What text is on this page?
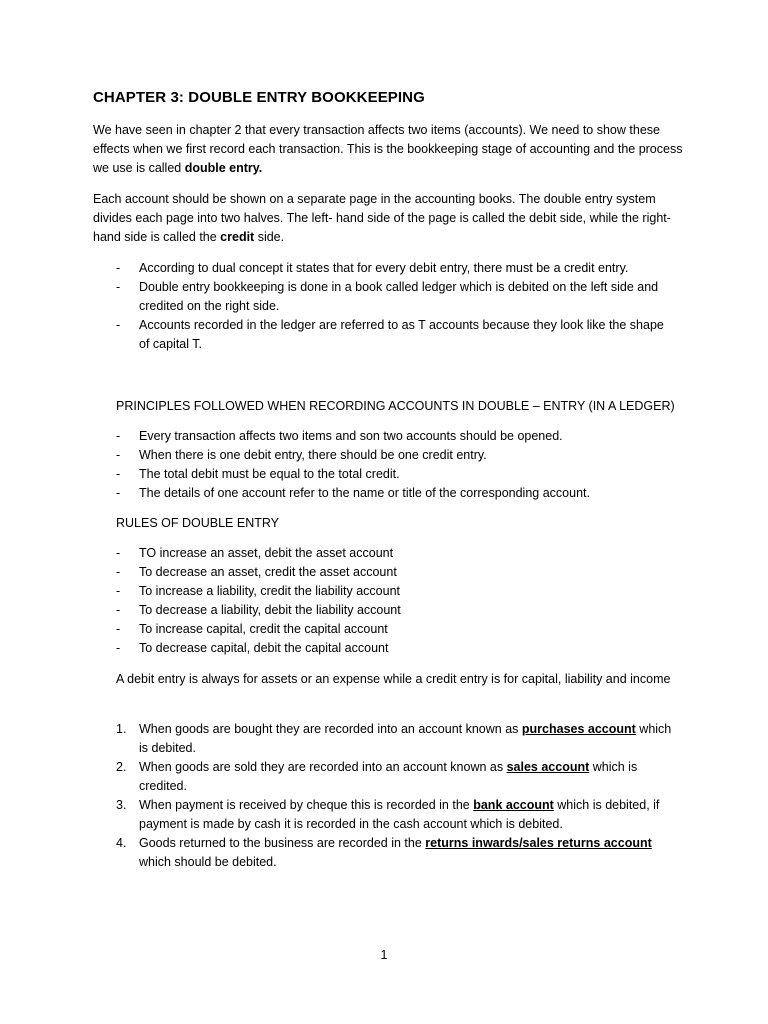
CHAPTER 3: DOUBLE ENTRY BOOKKEEPING
We have seen in chapter 2 that every transaction affects two items (accounts). We need to show these effects when we first record each transaction. This is the bookkeeping stage of accounting and the process we use is called double entry.
Each account should be shown on a separate page in the accounting books. The double entry system divides each page into two halves. The left- hand side of the page is called the debit side, while the right-hand side is called the credit side.
- According to dual concept it states that for every debit entry, there must be a credit entry.
- Double entry bookkeeping is done in a book called ledger which is debited on the left side and credited on the right side.
- Accounts recorded in the ledger are referred to as T accounts because they look like the shape of capital T.
PRINCIPLES FOLLOWED WHEN RECORDING ACCOUNTS IN DOUBLE – ENTRY (IN A LEDGER)
- Every transaction affects two items and son two accounts should be opened.
- When there is one debit entry, there should be one credit entry.
- The total debit must be equal to the total credit.
- The details of one account refer to the name or title of the corresponding account.
RULES OF DOUBLE ENTRY
- TO increase an asset, debit the asset account
- To decrease an asset, credit the asset account
- To increase a liability, credit the liability account
- To decrease a liability, debit the liability account
- To increase capital, credit the capital account
- To decrease capital, debit the capital account
A debit entry is always for assets or an expense while a credit entry is for capital, liability and income
1. When goods are bought they are recorded into an account known as purchases account which is debited.
2. When goods are sold they are recorded into an account known as sales account which is credited.
3. When payment is received by cheque this is recorded in the bank account which is debited, if payment is made by cash it is recorded in the cash account which is debited.
4. Goods returned to the business are recorded in the returns inwards/sales returns account which should be debited.
1
